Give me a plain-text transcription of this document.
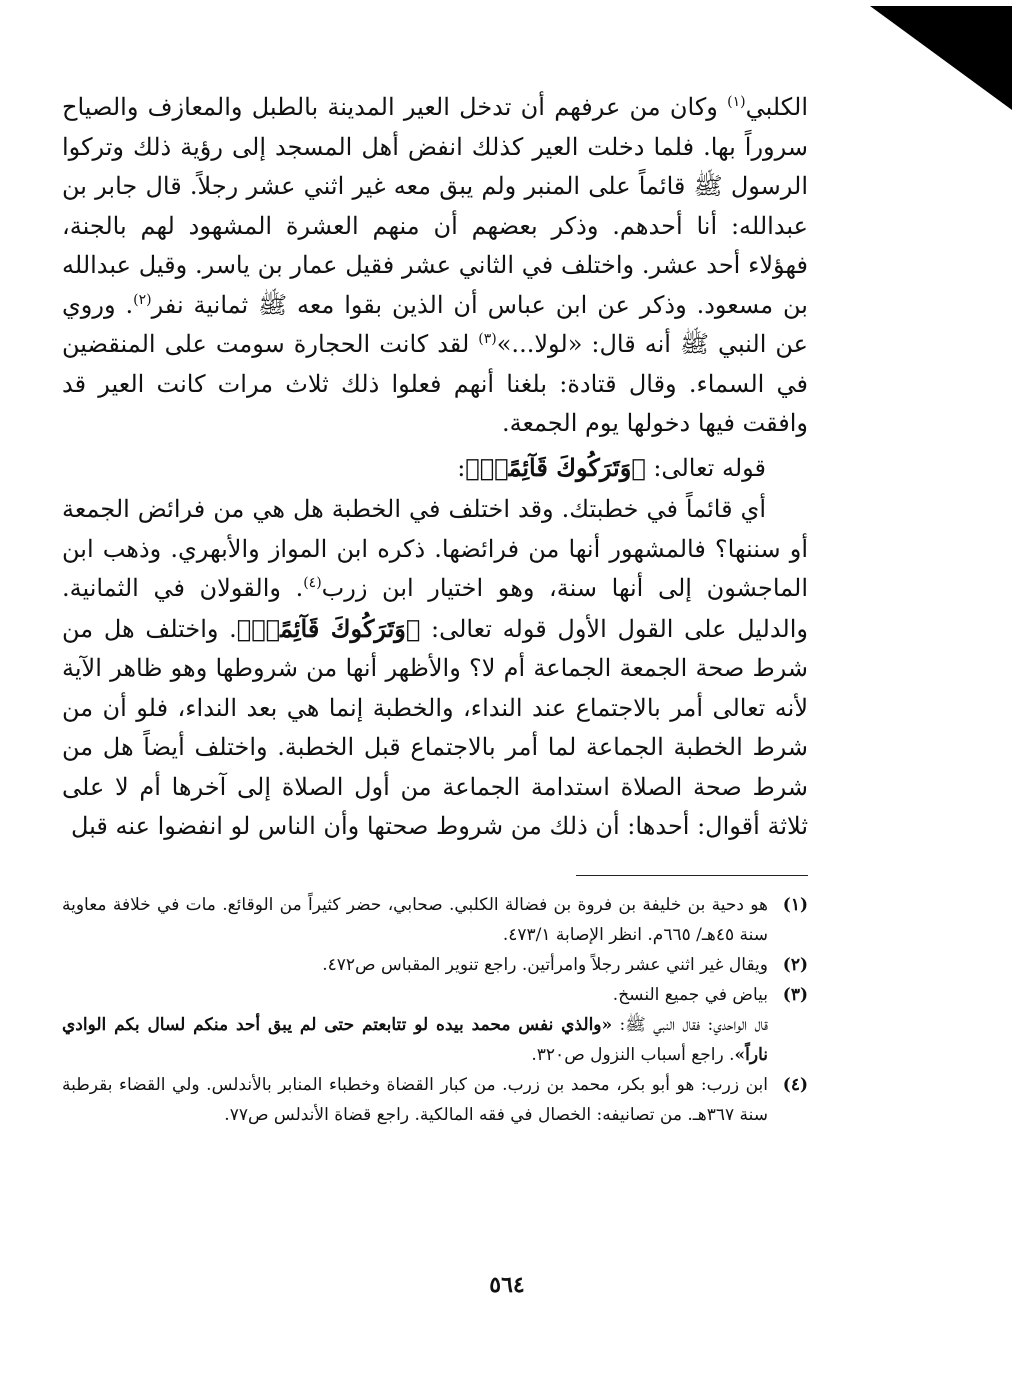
الكلبي$^{(١)}$ وكان من عرفهم أن تدخل العير المدينة بالطبل والمعازف والصياح سروراً بها. فلما دخلت العير كذلك انفض أهل المسجد إلى رؤية ذلك وتركوا الرسول ﷺ قائماً على المنبر ولم يبق معه غير اثني عشر رجلاً. قال جابر بن عبدالله: أنا أحدهم. وذكر بعضهم أن منهم العشرة المشهود لهم بالجنة، فهؤلاء أحد عشر. واختلف في الثاني عشر فقيل عمار بن ياسر. وقيل عبدالله بن مسعود. وذكر عن ابن عباس أن الذين بقوا معه ﷺ ثمانية نفر$^{(٢)}$. وروي عن النبي ﷺ أنه قال: «لولا...»$^{(٣)}$ لقد كانت الحجارة سومت على المنقضين في السماء. وقال قتادة: بلغنا أنهم فعلوا ذلك ثلاث مرات كانت العير قد وافقت فيها دخولها يوم الجمعة.

قوله تعالى: ﴿وَتَرَكُوكَ قَآئِمًاۚ﴾:

أي قائماً في خطبتك. وقد اختلف في الخطبة هل هي من فرائض الجمعة أو سننها؟ فالمشهور أنها من فرائضها. ذكره ابن المواز والأبهري. وذهب ابن الماجشون إلى أنها سنة، وهو اختيار ابن زرب$^{(٤)}$. والقولان في الثمانية. والدليل على القول الأول قوله تعالى: ﴿وَتَرَكُوكَ قَآئِمًاۚ﴾. واختلف هل من شرط صحة الجمعة الجماعة أم لا؟ والأظهر أنها من شروطها وهو ظاهر الآية لأنه تعالى أمر بالاجتماع عند النداء، والخطبة إنما هي بعد النداء، فلو أن من شرط الخطبة الجماعة لما أمر بالاجتماع قبل الخطبة. واختلف أيضاً هل من شرط صحة الصلاة استدامة الجماعة من أول الصلاة إلى آخرها أم لا على ثلاثة أقوال: أحدها: أن ذلك من شروط صحتها وأن الناس لو انفضوا عنه قبل

(١)
هو دحية بن خليفة بن فروة بن فضالة الكلبي. صحابي، حضر كثيراً من الوقائع. مات في خلافة معاوية سنة ٤٥هـ/ ٦٦٥م. انظر الإصابة ٤٧٣/١.
(٢)
ويقال غير اثني عشر رجلاً وامرأتين. راجع تنوير المقباس ص٤٧٢.
(٣)
بياض في جميع النسخ.
قال الواحدي: فقال النبي ﷺ: «والذي نفس محمد بيده لو تتابعتم حتى لم يبق أحد منكم لسال بكم الوادي ناراً». راجع أسباب النزول ص٣٢٠.
(٤)
ابن زرب: هو أبو بكر، محمد بن زرب. من كبار القضاة وخطباء المنابر بالأندلس. ولي القضاء بقرطبة سنة ٣٦٧هـ. من تصانيفه: الخصال في فقه المالكية. راجع قضاة الأندلس ص٧٧.
٥٦٤
